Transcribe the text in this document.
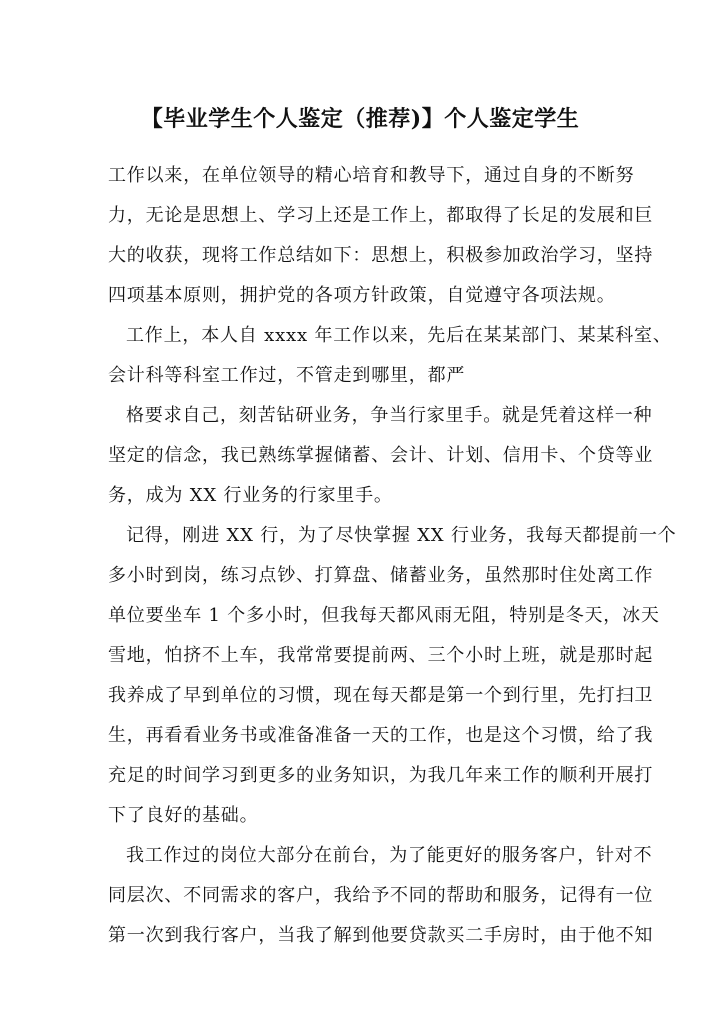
【毕业学生个人鉴定（推荐)】个人鉴定学生
工作以来，在单位领导的精心培育和教导下，通过自身的不断努
力，无论是思想上、学习上还是工作上，都取得了长足的发展和巨
大的收获，现将工作总结如下：思想上，积极参加政治学习，坚持
四项基本原则，拥护党的各项方针政策，自觉遵守各项法规。
工作上，本人自 xxxx 年工作以来，先后在某某部门、某某科室、
会计科等科室工作过，不管走到哪里，都严
格要求自己，刻苦钻研业务，争当行家里手。就是凭着这样一种
坚定的信念，我已熟练掌握储蓄、会计、计划、信用卡、个贷等业
务，成为 XX 行业务的行家里手。
记得，刚进 XX 行，为了尽快掌握 XX 行业务，我每天都提前一个
多小时到岗，练习点钞、打算盘、储蓄业务，虽然那时住处离工作
单位要坐车 1 个多小时，但我每天都风雨无阻，特别是冬天，冰天
雪地，怕挤不上车，我常常要提前两、三个小时上班，就是那时起
我养成了早到单位的习惯，现在每天都是第一个到行里，先打扫卫
生，再看看业务书或准备准备一天的工作，也是这个习惯，给了我
充足的时间学习到更多的业务知识，为我几年来工作的顺利开展打
下了良好的基础。
我工作过的岗位大部分在前台，为了能更好的服务客户，针对不
同层次、不同需求的客户，我给予不同的帮助和服务，记得有一位
第一次到我行客户，当我了解到他要贷款买二手房时，由于他不知
